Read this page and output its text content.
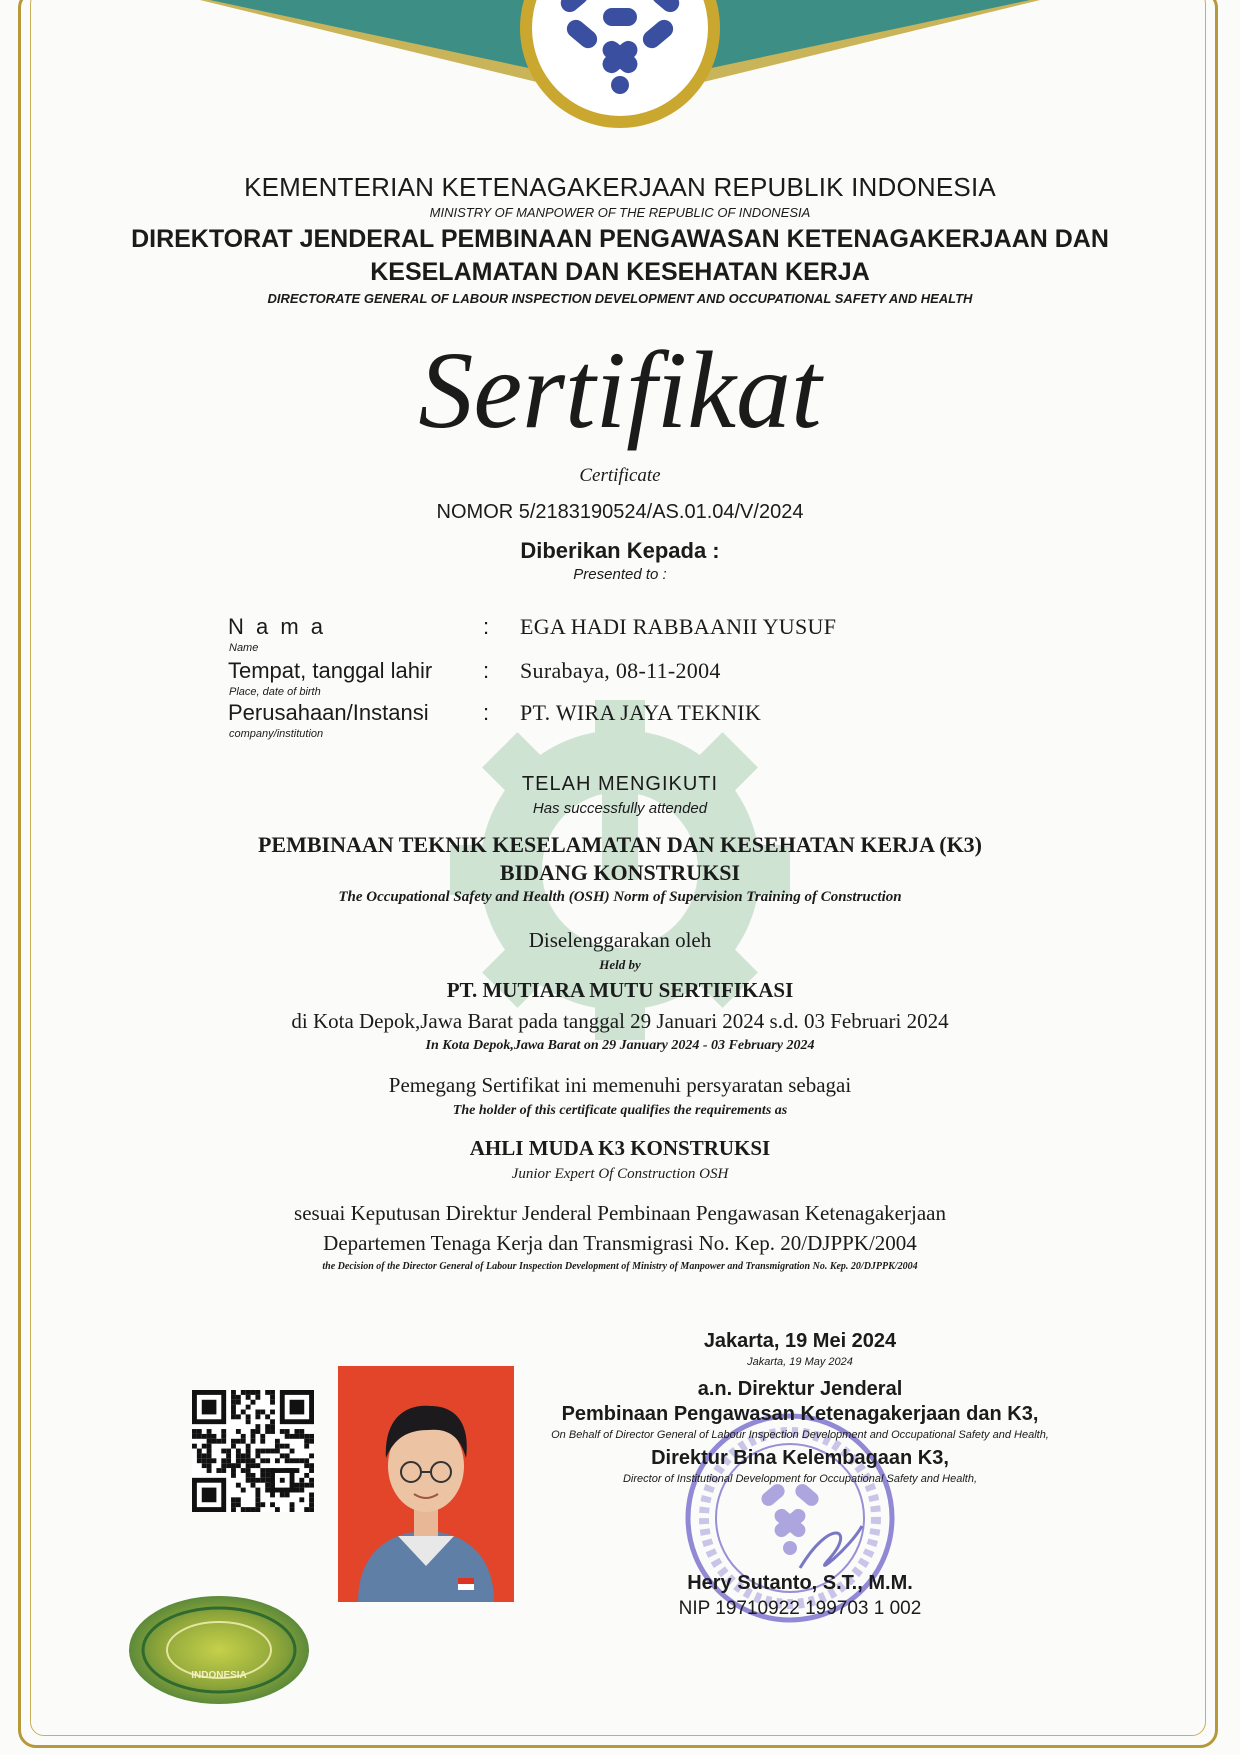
KEMENTERIAN KETENAGAKERJAAN REPUBLIK INDONESIA
MINISTRY OF MANPOWER OF THE REPUBLIC OF INDONESIA
DIREKTORAT JENDERAL PEMBINAAN PENGAWASAN KETENAGAKERJAAN DAN
KESELAMATAN DAN KESEHATAN KERJA
DIRECTORATE GENERAL OF LABOUR INSPECTION DEVELOPMENT AND OCCUPATIONAL SAFETY AND HEALTH
Sertifikat
Certificate
NOMOR 5/2183190524/AS.01.04/V/2024
Diberikan Kepada :
Presented to :
N a m a
Name
: EGA HADI RABBAANII YUSUF
Tempat, tanggal lahir
Place, date of birth
: Surabaya, 08-11-2004
Perusahaan/Instansi
company/institution
: PT. WIRA JAYA TEKNIK
TELAH MENGIKUTI
Has successfully attended
PEMBINAAN TEKNIK KESELAMATAN DAN KESEHATAN KERJA (K3)
BIDANG KONSTRUKSI
The Occupational Safety and Health (OSH) Norm of Supervision Training of Construction
Diselenggarakan oleh
Held by
PT. MUTIARA MUTU SERTIFIKASI
di Kota Depok,Jawa Barat pada tanggal 29 Januari 2024 s.d. 03 Februari 2024
In Kota Depok,Jawa Barat on 29 January 2024 - 03 February 2024
Pemegang Sertifikat ini memenuhi persyaratan sebagai
The holder of this certificate qualifies the requirements as
AHLI MUDA K3 KONSTRUKSI
Junior Expert Of Construction OSH
sesuai Keputusan Direktur Jenderal Pembinaan Pengawasan Ketenagakerjaan
Departemen Tenaga Kerja dan Transmigrasi No. Kep. 20/DJPPK/2004
the Decision of the Director General of Labour Inspection Development of Ministry of Manpower and Transmigration No. Kep. 20/DJPPK/2004
INDONESIA
Jakarta, 19 Mei 2024
Jakarta, 19 May 2024
a.n. Direktur Jenderal
Pembinaan Pengawasan Ketenagakerjaan dan K3,
On Behalf of Director General of Labour Inspection Development and Occupational Safety and Health,
Direktur Bina Kelembagaan K3,
Director of Institutional Development for Occupational Safety and Health,
Hery Sutanto, S.T., M.M.
NIP 19710922 199703 1 002
